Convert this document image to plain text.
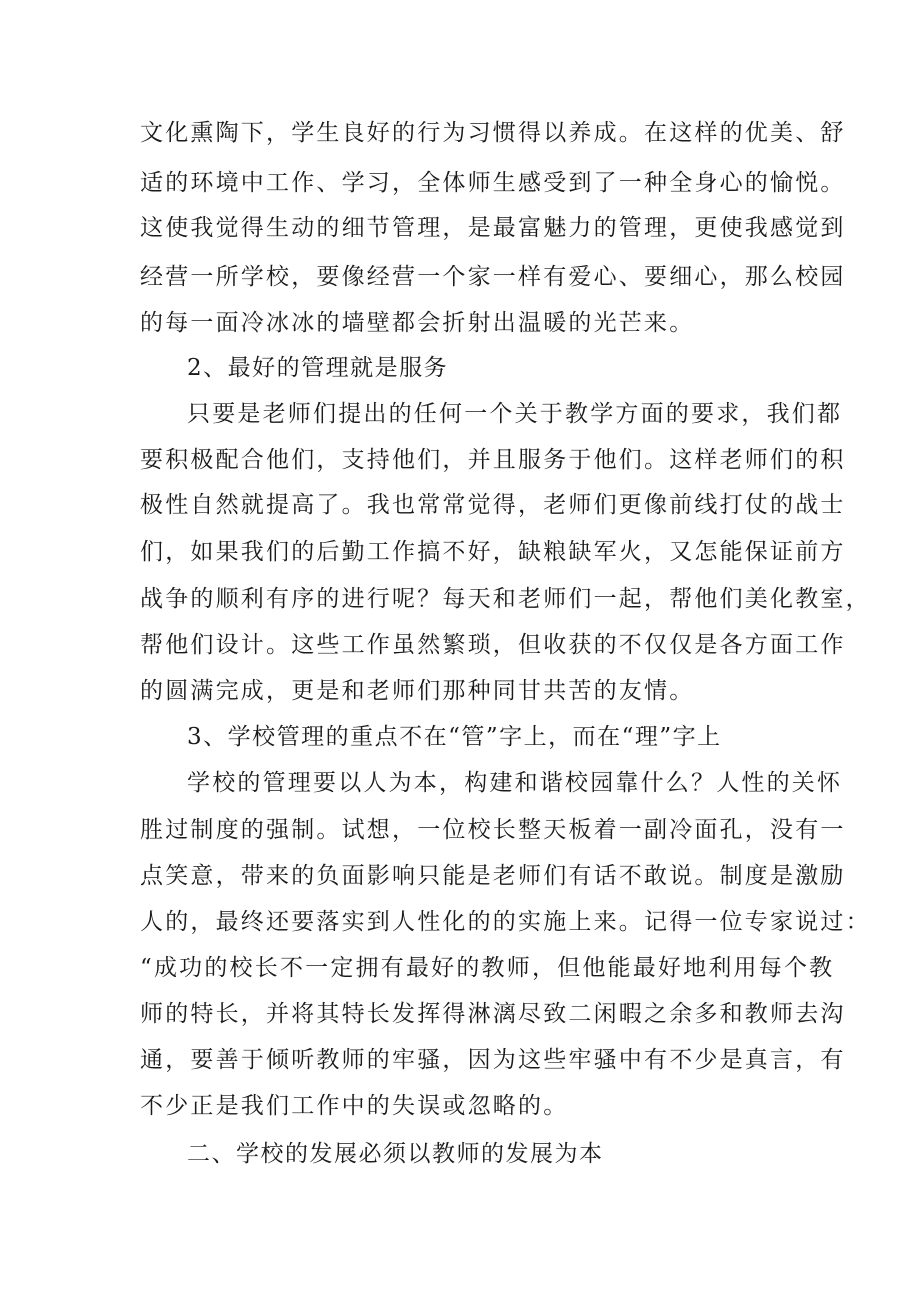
文化熏陶下，学生良好的行为习惯得以养成。在这样的优美、舒
适的环境中工作、学习，全体师生感受到了一种全身心的愉悦。
这使我觉得生动的细节管理，是最富魅力的管理，更使我感觉到
经营一所学校，要像经营一个家一样有爱心、要细心，那么校园
的每一面冷冰冰的墙壁都会折射出温暖的光芒来。
2、最好的管理就是服务
只要是老师们提出的任何一个关于教学方面的要求，我们都
要积极配合他们，支持他们，并且服务于他们。这样老师们的积
极性自然就提高了。我也常常觉得，老师们更像前线打仗的战士
们，如果我们的后勤工作搞不好，缺粮缺军火，又怎能保证前方
战争的顺利有序的进行呢？每天和老师们一起，帮他们美化教室，
帮他们设计。这些工作虽然繁琐，但收获的不仅仅是各方面工作
的圆满完成，更是和老师们那种同甘共苦的友情。
3、学校管理的重点不在“管”字上，而在“理”字上
学校的管理要以人为本，构建和谐校园靠什么？人性的关怀
胜过制度的强制。试想，一位校长整天板着一副冷面孔，没有一
点笑意，带来的负面影响只能是老师们有话不敢说。制度是激励
人的，最终还要落实到人性化的的实施上来。记得一位专家说过：
“成功的校长不一定拥有最好的教师，但他能最好地利用每个教
师的特长，并将其特长发挥得淋漓尽致二闲暇之余多和教师去沟
通，要善于倾听教师的牢骚，因为这些牢骚中有不少是真言，有
不少正是我们工作中的失误或忽略的。
二、学校的发展必须以教师的发展为本
